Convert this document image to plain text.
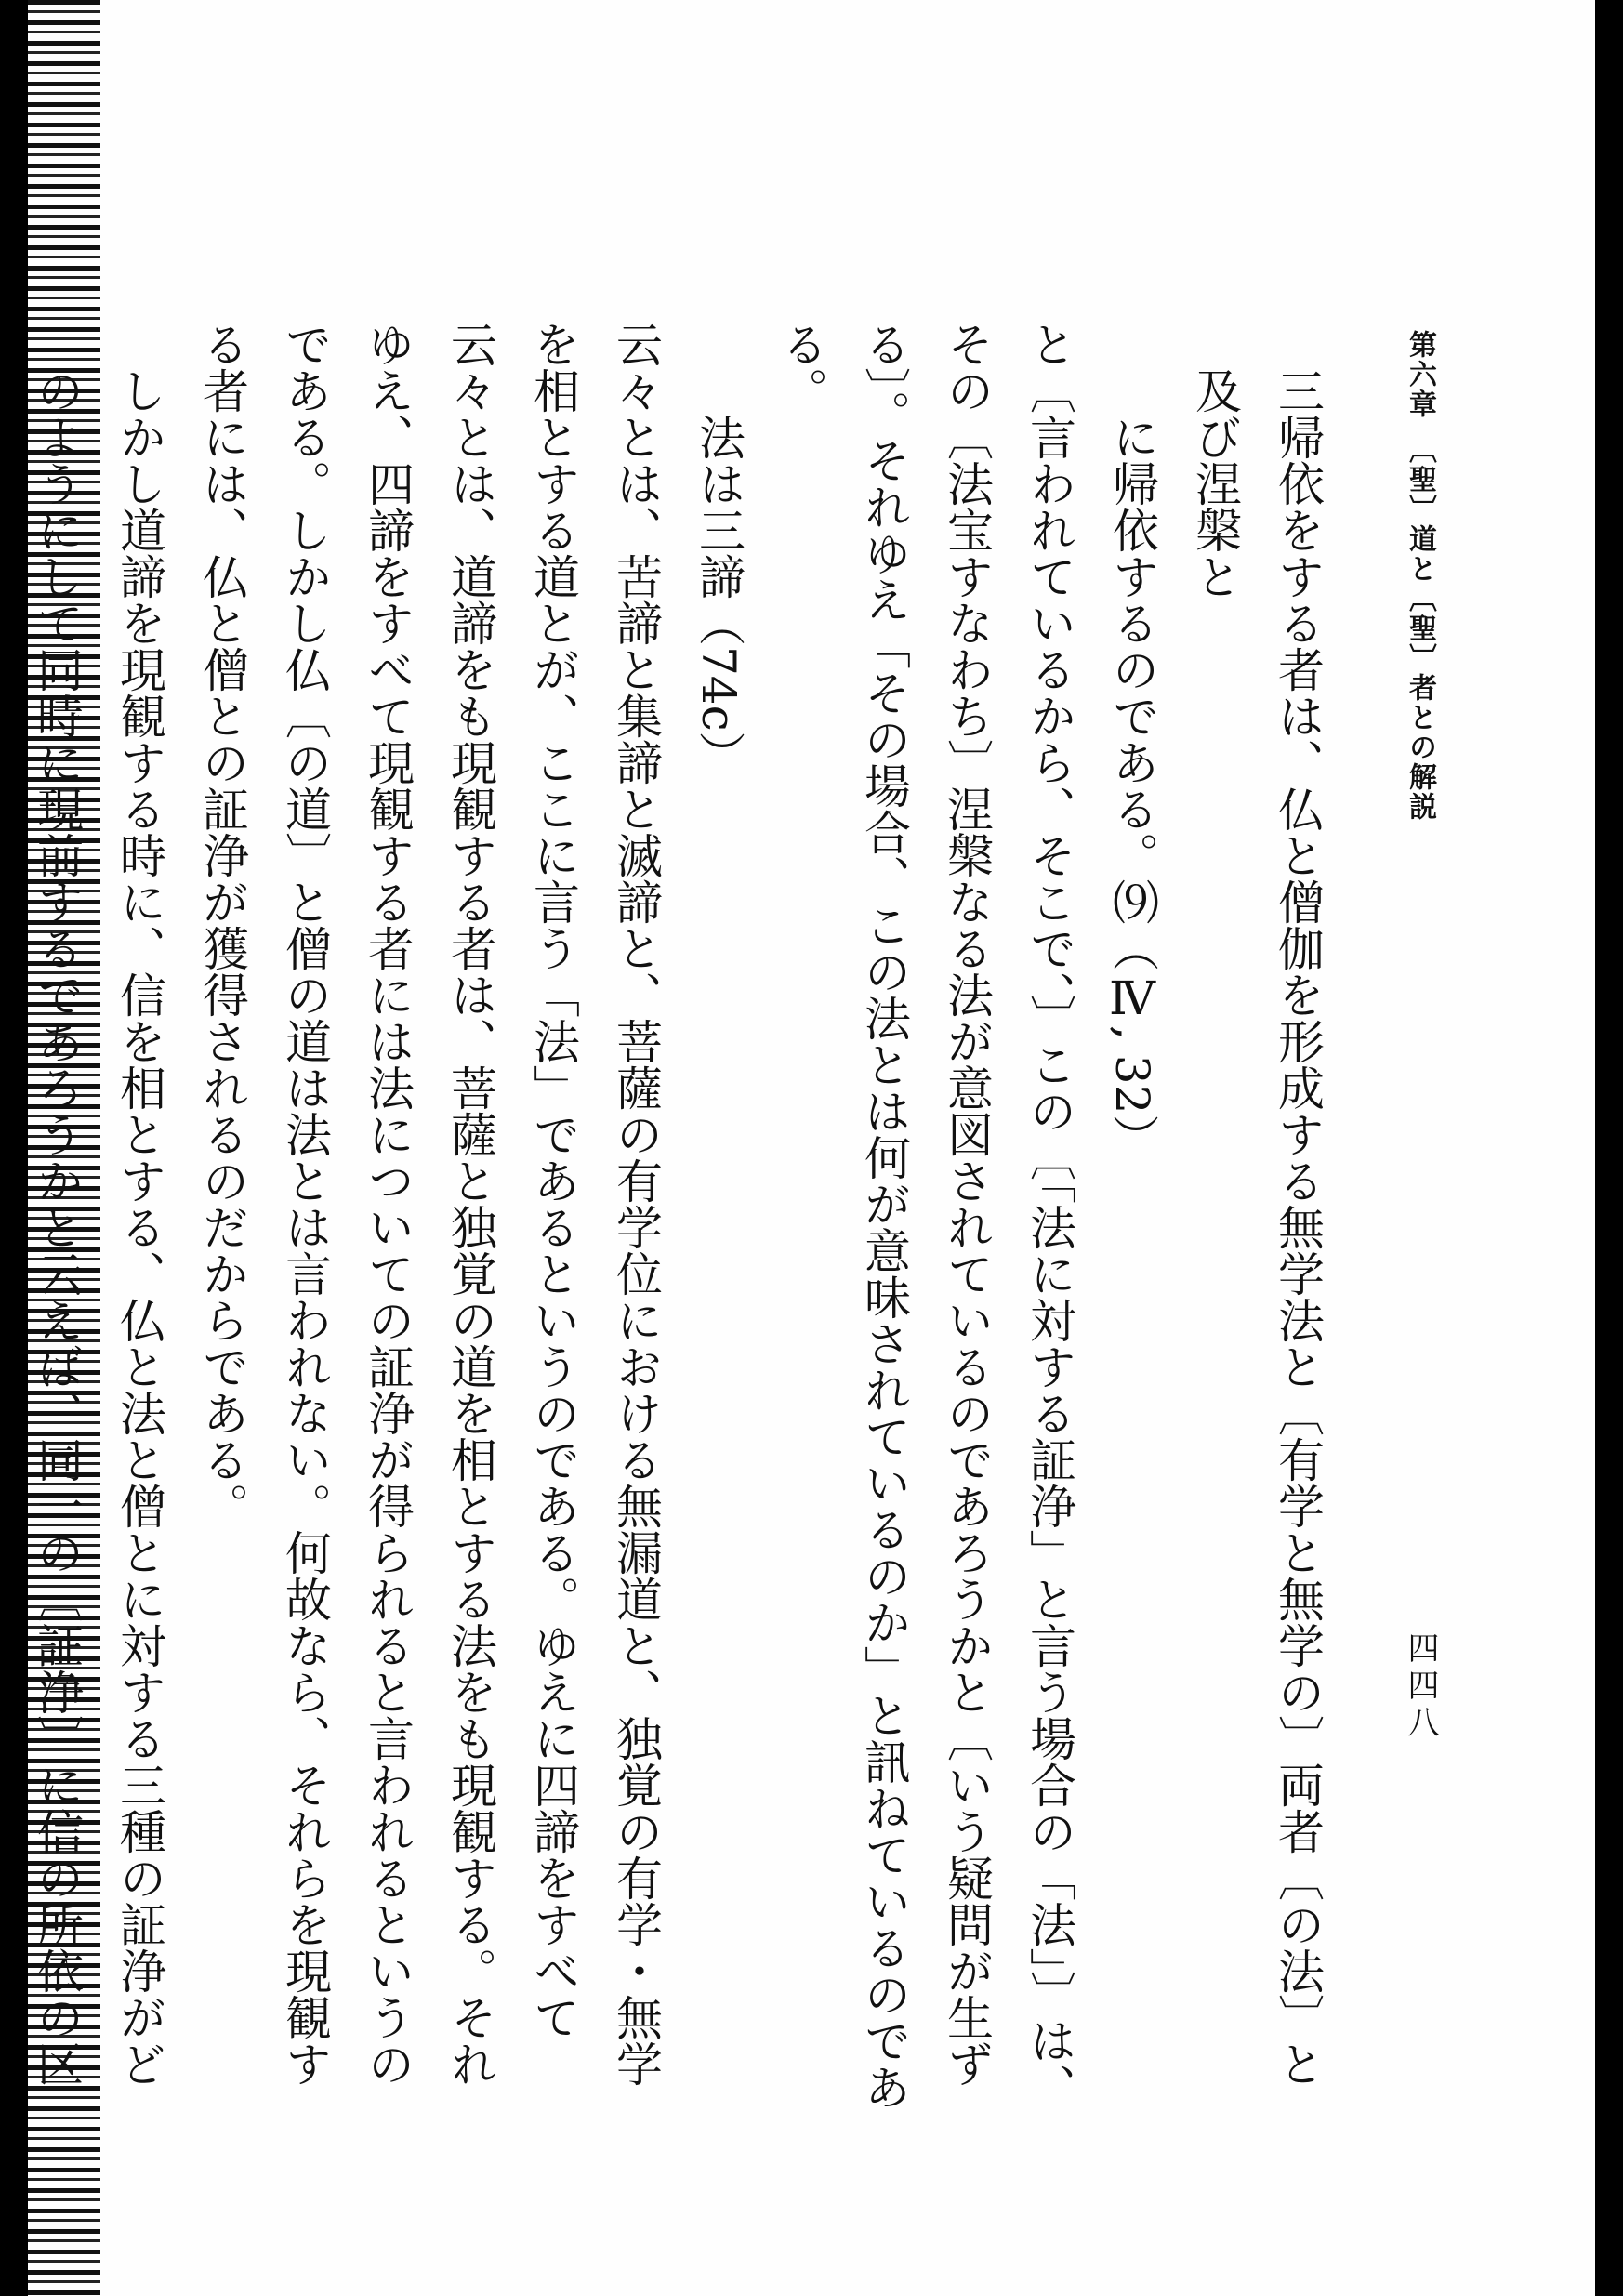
第六章　〔聖〕道と〔聖〕者との解説
四四八

三帰依をする者は、仏と僧伽を形成する無学法と〔有学と無学の〕両者〔の法〕と及び涅槃と

に帰依するのである。⑼（Ⅳ, 32）

と〔言われているから、そこで、〕この〔「法に対する証浄」と言う場合の「法」〕は、その〔法宝すなわち〕涅槃なる法が意図されているのであろうかと〔いう疑問が生ずる〕。それゆえ「その場合、この法とは何が意味されているのか」と訊ねているのである。

法は三諦（74c）

云々とは、苦諦と集諦と滅諦と、菩薩の有学位における無漏道と、独覚の有学・無学を相とする道とが、ここに言う「法」であるというのである。ゆえに四諦をすべて云々とは、道諦をも現観する者は、菩薩と独覚の道を相とする法をも現観する。それゆえ、四諦をすべて現観する者には法についての証浄が得られると言われるというのである。しかし仏〔の道〕と僧の道は法とは言われない。何故なら、それらを現観する者には、仏と僧との証浄が獲得されるのだからである。

しかし道諦を現観する時に、信を相とする、仏と法と僧とに対する三種の証浄がどのようにして同時に現前するであろうかと云えば、同一の〔証浄〕に信の所依の区
